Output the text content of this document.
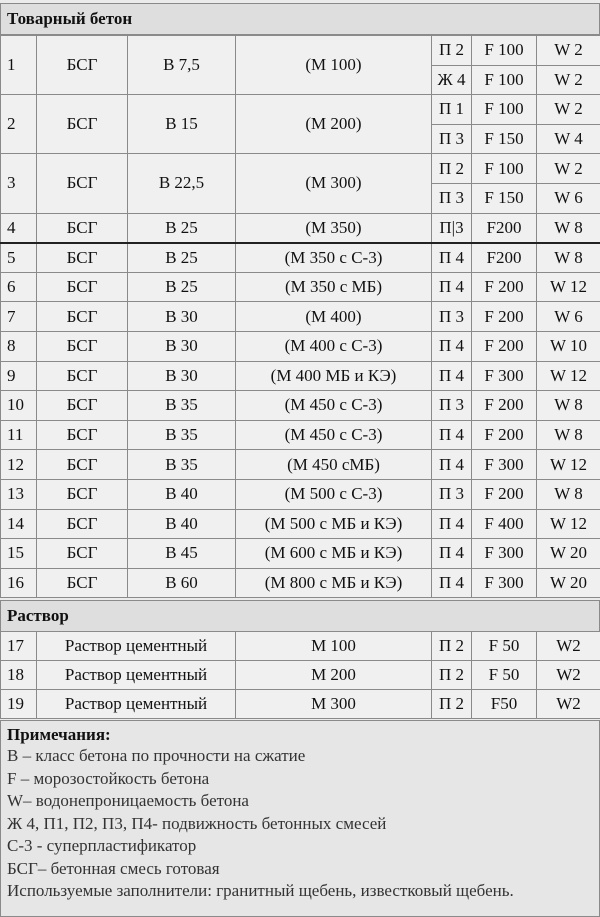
Товарный бетон
1	БСГ	В 7,5	(М 100)	П 2	F 100	W 2
				Ж 4	F 100	W 2
2	БСГ	В 15	(М 200)	П 1	F 100	W 2
				П 3	F 150	W 4
3	БСГ	В 22,5	(М 300)	П 2	F 100	W 2
				П 3	F 150	W 6
4	БСГ	В 25	(М 350)	П|3	F200	W 8
5	БСГ	В 25	(М 350 с С-3)	П 4	F200	W 8
6	БСГ	В 25	(М 350 с МБ)	П 4	F 200	W 12
7	БСГ	В 30	(М 400)	П 3	F 200	W 6
8	БСГ	В 30	(М 400 с С-3)	П 4	F 200	W 10
9	БСГ	В 30	(М 400 МБ и КЭ)	П 4	F 300	W 12
10	БСГ	В 35	(М 450 с С-3)	П 3	F 200	W 8
11	БСГ	В 35	(М 450 с С-3)	П 4	F 200	W 8
12	БСГ	В 35	(М 450 сМБ)	П 4	F 300	W 12
13	БСГ	В 40	(М 500 с С-3)	П 3	F 200	W 8
14	БСГ	В 40	(М 500 с МБ и КЭ)	П 4	F 400	W 12
15	БСГ	В 45	(М 600 с МБ и КЭ)	П 4	F 300	W 20
16	БСГ	В 60	(М 800 с МБ и КЭ)	П 4	F 300	W 20
Раствор
17	Раствор цементный	М 100	П 2	F 50	W2
18	Раствор цементный	М 200	П 2	F 50	W2
19	Раствор цементный	М 300	П 2	F50	W2
Примечания:
В – класс бетона по прочности на сжатие
F – морозостойкость бетона
W– водонепроницаемость бетона
Ж 4, П1, П2, П3, П4- подвижность бетонных смесей
С-3 - суперпластификатор
БСГ– бетонная смесь готовая
Используемые заполнители: гранитный щебень, известковый щебень.
